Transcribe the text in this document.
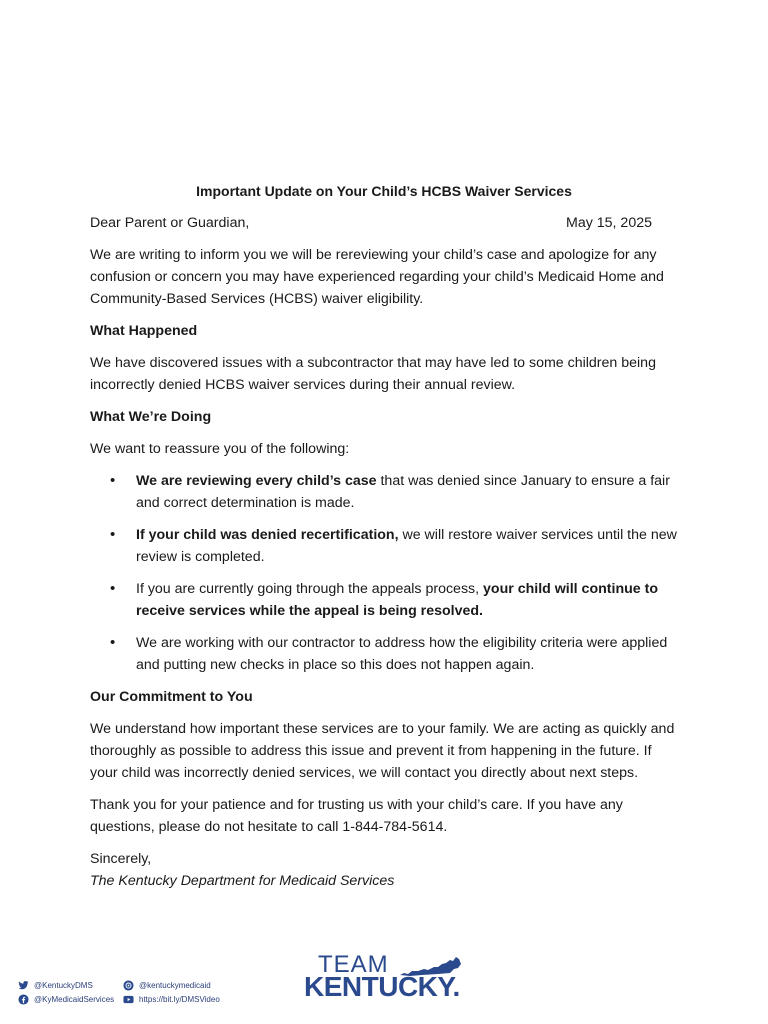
Important Update on Your Child’s HCBS Waiver Services
Dear Parent or Guardian,	May 15, 2025

We are writing to inform you we will be rereviewing your child’s case and apologize for any confusion or concern you may have experienced regarding your child’s Medicaid Home and Community-Based Services (HCBS) waiver eligibility.

What Happened

We have discovered issues with a subcontractor that may have led to some children being incorrectly denied HCBS waiver services during their annual review.

What We’re Doing

We want to reassure you of the following:

• We are reviewing every child’s case that was denied since January to ensure a fair and correct determination is made.
• If your child was denied recertification, we will restore waiver services until the new review is completed.
• If you are currently going through the appeals process, your child will continue to receive services while the appeal is being resolved.
• We are working with our contractor to address how the eligibility criteria were applied and putting new checks in place so this does not happen again.
Our Commitment to You

We understand how important these services are to your family. We are acting as quickly and thoroughly as possible to address this issue and prevent it from happening in the future. If your child was incorrectly denied services, we will contact you directly about next steps.

Thank you for your patience and for trusting us with your child’s care. If you have any questions, please do not hesitate to call 1-844-784-5614.

Sincerely,

The Kentucky Department for Medicaid Services

@KentuckyDMS
@KyMedicaidServices
@kentuckymedicaid
https://bit.ly/DMSVideo
TEAM
KENTUCKY.
